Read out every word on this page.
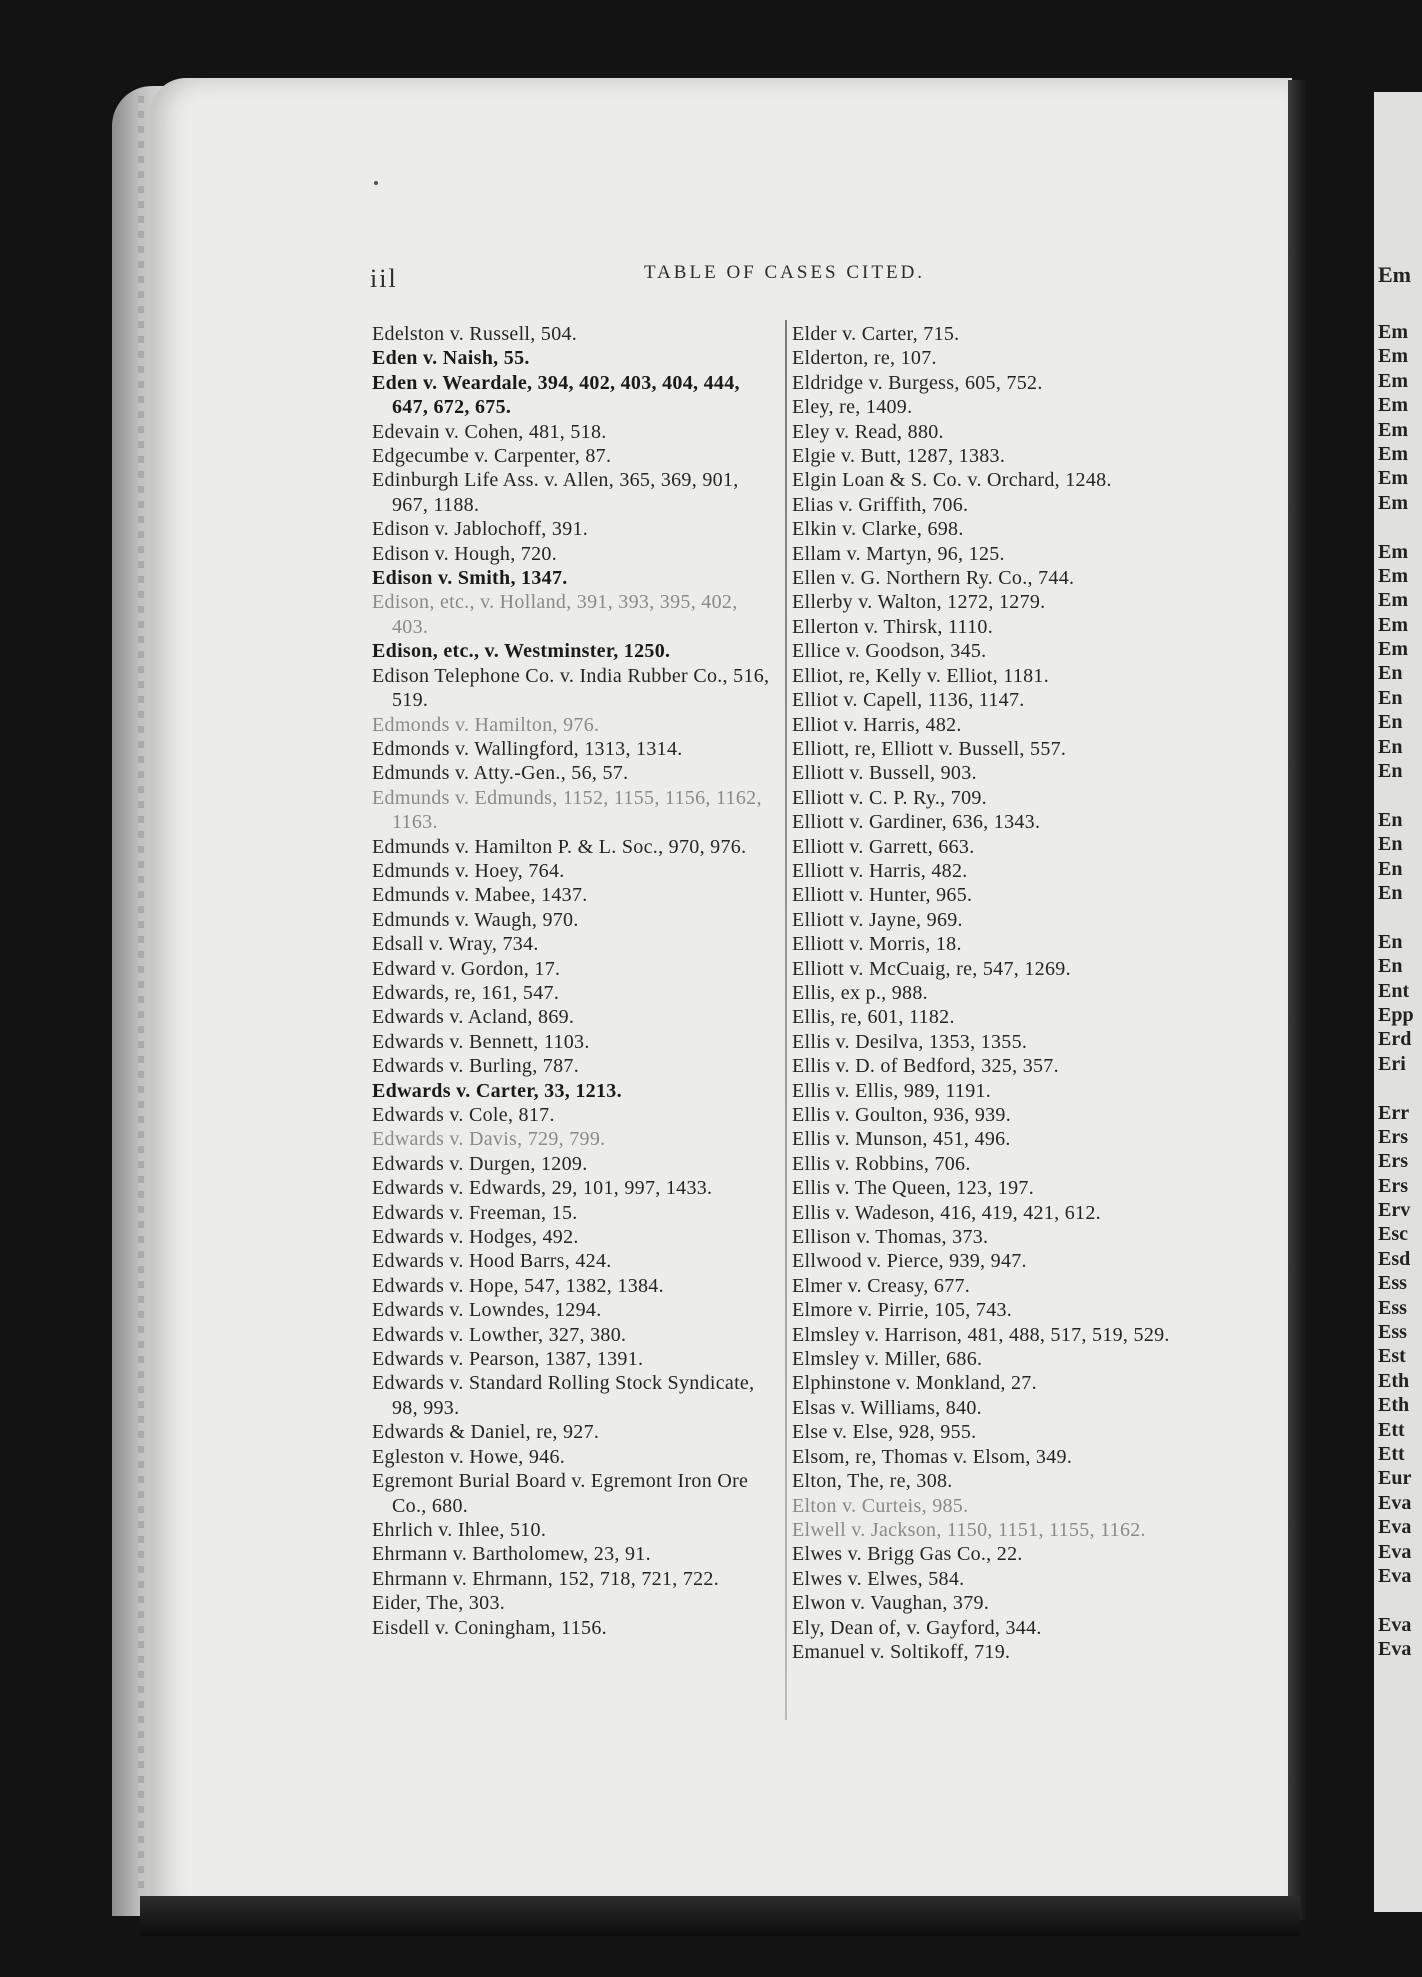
Em
Em
Em
Em
Em
Em
Em
Em
Em
Em
Em
Em
Em
Em
En
En
En
En
En
En
En
En
En
En
En
Ent
Epp
Erd
Eri
Err
Ers
Ers
Ers
Erv
Esc
Esd
Ess
Ess
Ess
Est
Eth
Eth
Ett
Ett
Eur
Eva
Eva
Eva
Eva
Eva
Eva
iil	TABLE OF CASES CITED.

Edelston v. Russell, 504.

Eden v. Naish, 55.

Eden v. Weardale, 394, 402, 403, 404, 444, 647, 672, 675.

Edevain v. Cohen, 481, 518.

Edgecumbe v. Carpenter, 87.

Edinburgh Life Ass. v. Allen, 365, 369, 901, 967, 1188.

Edison v. Jablochoff, 391.

Edison v. Hough, 720.

Edison v. Smith, 1347.

Edison, etc., v. Holland, 391, 393, 395, 402, 403.

Edison, etc., v. Westminster, 1250.

Edison Telephone Co. v. India Rubber Co., 516, 519.

Edmonds v. Hamilton, 976.

Edmonds v. Wallingford, 1313, 1314.

Edmunds v. Atty.-Gen., 56, 57.

Edmunds v. Edmunds, 1152, 1155, 1156, 1162, 1163.

Edmunds v. Hamilton P. & L. Soc., 970, 976.

Edmunds v. Hoey, 764.

Edmunds v. Mabee, 1437.

Edmunds v. Waugh, 970.

Edsall v. Wray, 734.

Edward v. Gordon, 17.

Edwards, re, 161, 547.

Edwards v. Acland, 869.

Edwards v. Bennett, 1103.

Edwards v. Burling, 787.

Edwards v. Carter, 33, 1213.

Edwards v. Cole, 817.

Edwards v. Davis, 729, 799.

Edwards v. Durgen, 1209.

Edwards v. Edwards, 29, 101, 997, 1433.

Edwards v. Freeman, 15.

Edwards v. Hodges, 492.

Edwards v. Hood Barrs, 424.

Edwards v. Hope, 547, 1382, 1384.

Edwards v. Lowndes, 1294.

Edwards v. Lowther, 327, 380.

Edwards v. Pearson, 1387, 1391.

Edwards v. Standard Rolling Stock Syndicate, 98, 993.

Edwards & Daniel, re, 927.

Egleston v. Howe, 946.

Egremont Burial Board v. Egremont Iron Ore Co., 680.

Ehrlich v. Ihlee, 510.

Ehrmann v. Bartholomew, 23, 91.

Ehrmann v. Ehrmann, 152, 718, 721, 722.

Eider, The, 303.

Eisdell v. Coningham, 1156.

Elder v. Carter, 715.

Elderton, re, 107.

Eldridge v. Burgess, 605, 752.

Eley, re, 1409.

Eley v. Read, 880.

Elgie v. Butt, 1287, 1383.

Elgin Loan & S. Co. v. Orchard, 1248.

Elias v. Griffith, 706.

Elkin v. Clarke, 698.

Ellam v. Martyn, 96, 125.

Ellen v. G. Northern Ry. Co., 744.

Ellerby v. Walton, 1272, 1279.

Ellerton v. Thirsk, 1110.

Ellice v. Goodson, 345.

Elliot, re, Kelly v. Elliot, 1181.

Elliot v. Capell, 1136, 1147.

Elliot v. Harris, 482.

Elliott, re, Elliott v. Bussell, 557.

Elliott v. Bussell, 903.

Elliott v. C. P. Ry., 709.

Elliott v. Gardiner, 636, 1343.

Elliott v. Garrett, 663.

Elliott v. Harris, 482.

Elliott v. Hunter, 965.

Elliott v. Jayne, 969.

Elliott v. Morris, 18.

Elliott v. McCuaig, re, 547, 1269.

Ellis, ex p., 988.

Ellis, re, 601, 1182.

Ellis v. Desilva, 1353, 1355.

Ellis v. D. of Bedford, 325, 357.

Ellis v. Ellis, 989, 1191.

Ellis v. Goulton, 936, 939.

Ellis v. Munson, 451, 496.

Ellis v. Robbins, 706.

Ellis v. The Queen, 123, 197.

Ellis v. Wadeson, 416, 419, 421, 612.

Ellison v. Thomas, 373.

Ellwood v. Pierce, 939, 947.

Elmer v. Creasy, 677.

Elmore v. Pirrie, 105, 743.

Elmsley v. Harrison, 481, 488, 517, 519, 529.

Elmsley v. Miller, 686.

Elphinstone v. Monkland, 27.

Elsas v. Williams, 840.

Else v. Else, 928, 955.

Elsom, re, Thomas v. Elsom, 349.

Elton, The, re, 308.

Elton v. Curteis, 985.

Elwell v. Jackson, 1150, 1151, 1155, 1162.

Elwes v. Brigg Gas Co., 22.

Elwes v. Elwes, 584.

Elwon v. Vaughan, 379.

Ely, Dean of, v. Gayford, 344.

Emanuel v. Soltikoff, 719.
